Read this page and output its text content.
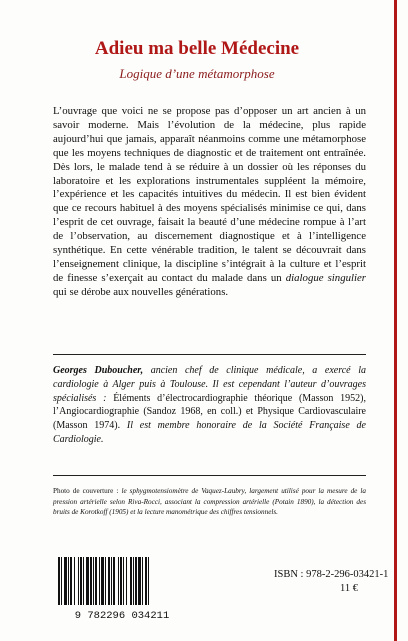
Adieu ma belle Médecine
Logique d’une métamorphose
L’ouvrage que voici ne se propose pas d’opposer un art ancien à un savoir moderne. Mais l’évolution de la médecine, plus rapide aujourd’hui que jamais, apparaît néanmoins comme une métamorphose que les moyens techniques de diagnostic et de traitement ont entraînée. Dès lors, le malade tend à se réduire à un dossier où les réponses du laboratoire et les explorations instrumentales suppléent la mémoire, l’expérience et les capacités intuitives du médecin. Il est bien évident que ce recours habituel à des moyens spécialisés minimise ce qui, dans l’esprit de cet ouvrage, faisait la beauté d’une médecine rompue à l’art de l’observation, au discernement diagnostique et à l’intelligence synthétique. En cette vénérable tradition, le talent se découvrait dans l’enseignement clinique, la discipline s’intégrait à la culture et l’esprit de finesse s’exerçait au contact du malade dans un dialogue singulier qui se dérobe aux nouvelles générations.
Georges Duboucher, ancien chef de clinique médicale, a exercé la cardiologie à Alger puis à Toulouse. Il est cependant l’auteur d’ouvrages spécialisés : Éléments d’électrocardiographie théorique (Masson 1952), l’Angiocardiographie (Sandoz 1968, en coll.) et Physique Cardiovasculaire (Masson 1974). Il est membre honoraire de la Société Française de Cardiologie.
Photo de couverture : le sphygmotensiomètre de Vaquez-Laubry, largement utilisé pour la mesure de la pression artérielle selon Riva-Rocci, associant la compression artérielle (Potain 1890), la détection des bruits de Korotkoff (1905) et la lecture manométrique des chiffres tensionnels.
9 782296 034211
ISBN : 978-2-296-03421-1
11 €
